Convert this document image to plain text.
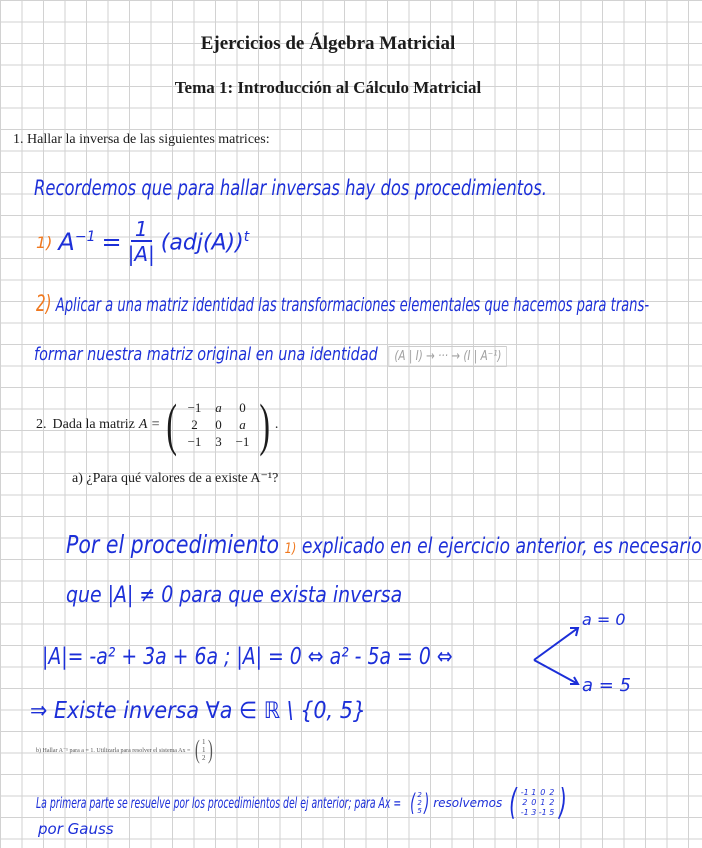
Ejercicios de Álgebra Matricial
Tema 1: Introducción al Cálculo Matricial
1. Hallar la inversa de las siguientes matrices:
Recordemos que para hallar inversas hay dos procedimientos.
1) $A^{-1} = \frac{1}{|A|} (adj(A))^t$
2) Aplicar a una matriz identidad las transformaciones elementales que hacemos para trans-
formar nuestra matriz original en una identidad (A | I) → ··· → (I | A⁻¹)
2. Dada la matriz A = ( −1	a	0
2	0	a
−1	3	−1 ) .
a) ¿Para qué valores de a existe A⁻¹?
Por el procedimiento 1) explicado en el ejercicio anterior, es necesario
que |A| ≠ 0 para que exista inversa
|A|= -a² + 3a + 6a ; |A| = 0 ⇔ a² - 5a = 0 ⇔
a = 0
a = 5
⇒ Existe inversa ∀a ∈ ℝ \ {0, 5}
b) Hallar A⁻¹ para a = 1. Utilizarla para resolver el sistema Ax = ( 1
1
2 )
La primera parte se resuelve por los procedimientos del ej anterior; para Ax = ( 2
2
5 ) resolvemos ( -1 1 0 2
2 0 1 2
-1 3 -1 5 )
por Gauss
